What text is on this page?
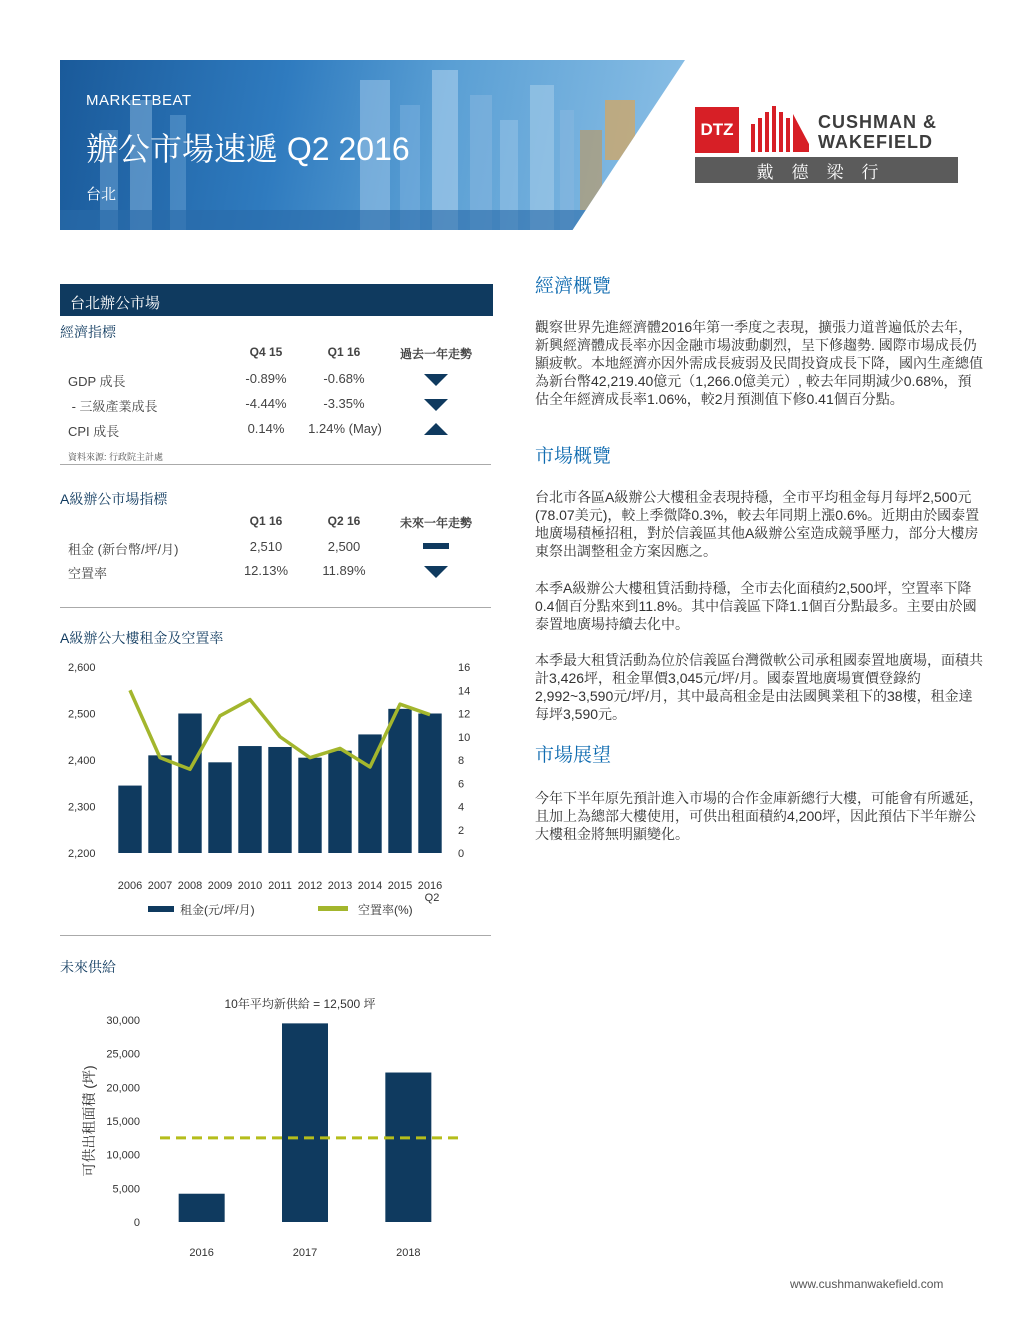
MARKETBEAT
辦公市場速遞 Q2 2016
台北
DTZ	CUSHMAN &
WAKEFIELD
戴德梁行
台北辦公市場
經濟指標
Q4 15	Q1 16	過去一年走勢
GDP 成長	-0.89%	-0.68%
- 三級產業成長	-4.44%	-3.35%
CPI 成長	0.14%	1.24% (May)
資料來源: 行政院主計處
A級辦公市場指標
Q1 16	Q2 16	未來一年走勢
租金 (新台幣/坪/月)	2,510	2,500
空置率	12.13%	11.89%
A級辦公大樓租金及空置率
2,600
2,500
2,400
2,300
2,200
16
14
12
10
8
6
4
2
0
2006 2007 2008 2009 2010 2011 2012 2013 2014 2015 2016
Q2
租金(元/坪/月)	空置率(%)
未來供給
10年平均新供給 = 12,500 坪
30,000
25,000
20,000
15,000
10,000
5,000
0
可供出租面積 (坪)
2016	2017	2018
經濟概覽
觀察世界先進經濟體2016年第一季度之表現，擴張力道普遍低於去年，新興經濟體成長率亦因金融市場波動劇烈，呈下修趨勢. 國際市場成長仍顯疲軟。本地經濟亦因外需成長疲弱及民間投資成長下降，國內生產總值為新台幣42,219.40億元（1,266.0億美元）, 較去年同期減少0.68%，預估全年經濟成長率1.06%，較2月預測值下修0.41個百分點。
市場概覽
台北市各區A級辦公大樓租金表現持穩，全市平均租金每月每坪2,500元(78.07美元)，較上季微降0.3%，較去年同期上漲0.6%。近期由於國泰置地廣場積極招租，對於信義區其他A級辦公室造成競爭壓力，部分大樓房東祭出調整租金方案因應之。
本季A級辦公大樓租賃活動持穩，全市去化面積約2,500坪，空置率下降0.4個百分點來到11.8%。其中信義區下降1.1個百分點最多。主要由於國泰置地廣場持續去化中。
本季最大租賃活動為位於信義區台灣微軟公司承租國泰置地廣場，面積共計3,426坪，租金單價3,045元/坪/月。國泰置地廣場實價登錄約2,992~3,590元/坪/月，其中最高租金是由法國興業租下的38樓，租金達每坪3,590元。
市場展望
今年下半年原先預計進入市場的合作金庫新總行大樓，可能會有所遞延，且加上為總部大樓使用，可供出租面積約4,200坪，因此預估下半年辦公大樓租金將無明顯變化。
www.cushmanwakefield.com
